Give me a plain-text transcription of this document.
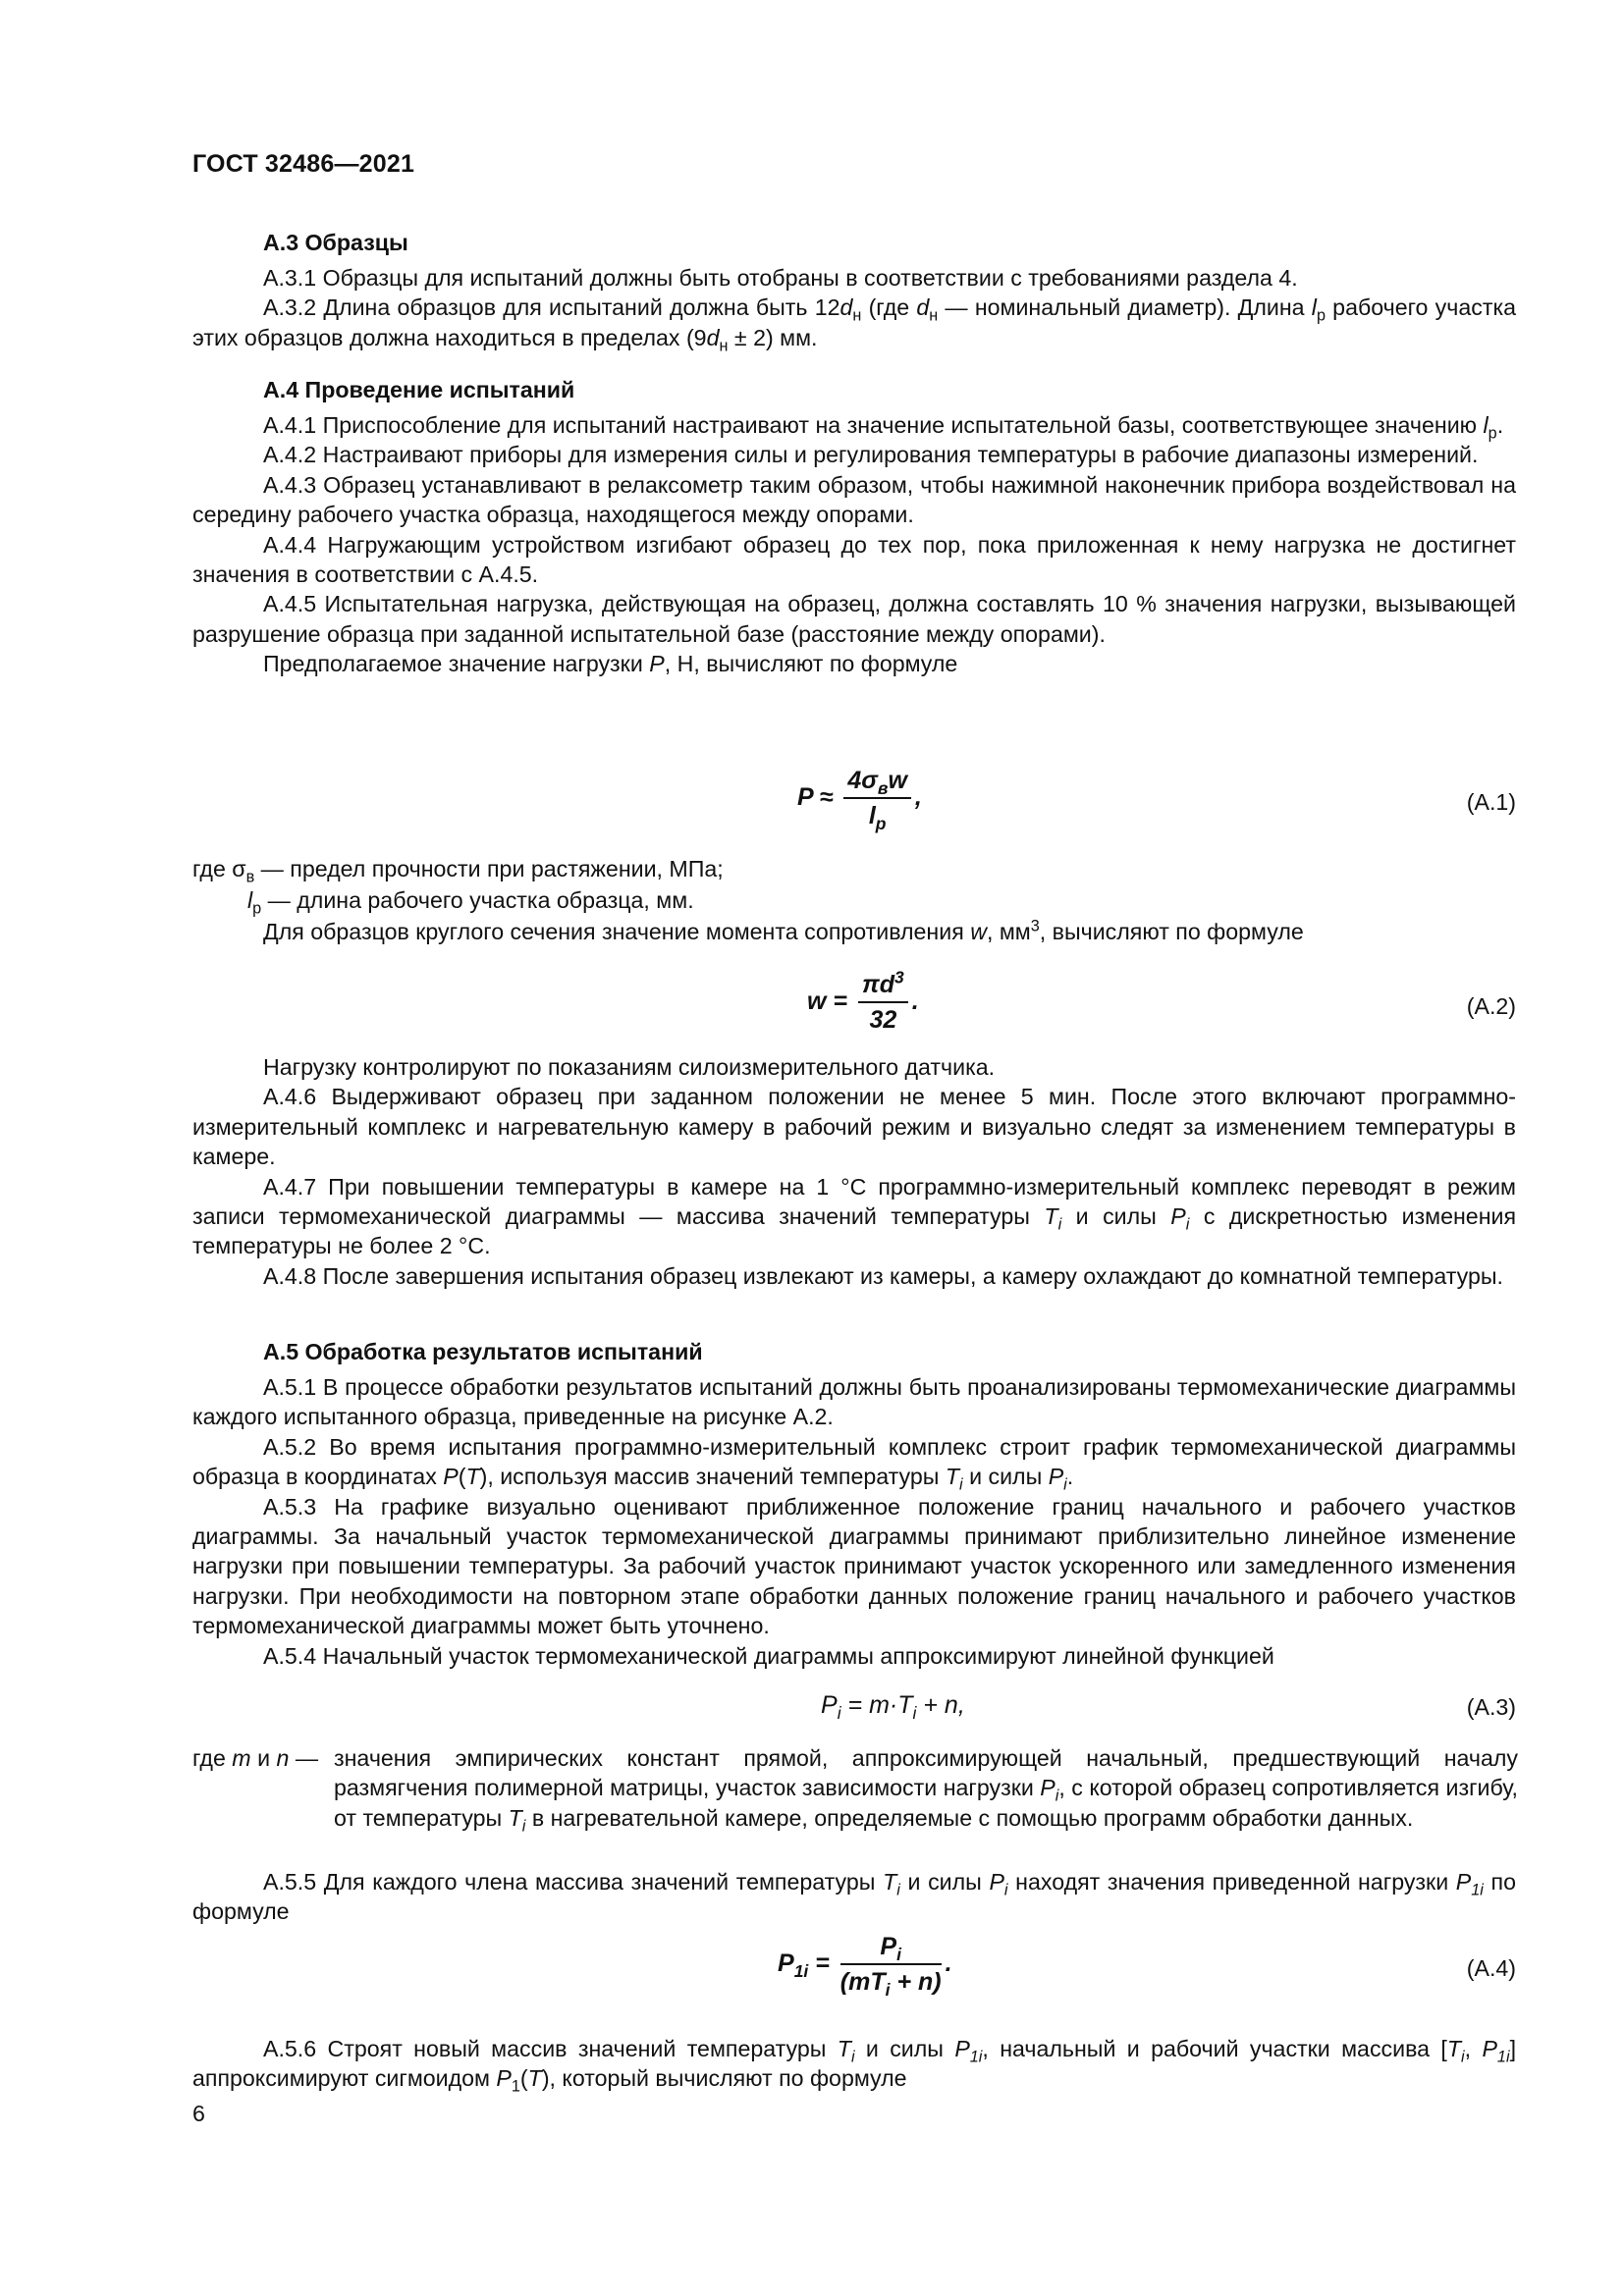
ГОСТ 32486—2021
А.3 Образцы

А.3.1 Образцы для испытаний должны быть отобраны в соответствии с требованиями раздела 4.

А.3.2 Длина образцов для испытаний должна быть $12d_н$ (где $d_н$ — номинальный диаметр). Длина $l_р$ рабочего участка этих образцов должна находиться в пределах $(9d_н \pm 2)$ мм.

А.4 Проведение испытаний

А.4.1 Приспособление для испытаний настраивают на значение испытательной базы, соответствующее значению $l_р$.

А.4.2 Настраивают приборы для измерения силы и регулирования температуры в рабочие диапазоны измерений.

А.4.3 Образец устанавливают в релаксометр таким образом, чтобы нажимной наконечник прибора воздействовал на середину рабочего участка образца, находящегося между опорами.

А.4.4 Нагружающим устройством изгибают образец до тех пор, пока приложенная к нему нагрузка не достигнет значения в соответствии с А.4.5.

А.4.5 Испытательная нагрузка, действующая на образец, должна составлять 10 % значения нагрузки, вызывающей разрушение образца при заданной испытательной базе (расстояние между опорами).

Предполагаемое значение нагрузки P, Н, вычисляют по формуле

$P \approx \frac{4\sigma_вw}{l_р}$ ,	(А.1)
где $\sigma_в$ — предел прочности при растяжении, МПа;
$l_р$ — длина рабочего участка образца, мм.

Для образцов круглого сечения значение момента сопротивления w, $мм^3$, вычисляют по формуле

$w = \frac{\pi d^3}{32}$ .	(А.2)

Нагрузку контролируют по показаниям силоизмерительного датчика.

А.4.6 Выдерживают образец при заданном положении не менее 5 мин. После этого включают программно-измерительный комплекс и нагревательную камеру в рабочий режим и визуально следят за изменением температуры в камере.

А.4.7 При повышении температуры в камере на 1 °С программно-измерительный комплекс переводят в режим записи термомеханической диаграммы — массива значений температуры $T_i$ и силы $P_i$ с дискретностью изменения температуры не более 2 °С.

А.4.8 После завершения испытания образец извлекают из камеры, а камеру охлаждают до комнатной температуры.

А.5 Обработка результатов испытаний

А.5.1 В процессе обработки результатов испытаний должны быть проанализированы термомеханические диаграммы каждого испытанного образца, приведенные на рисунке А.2.

А.5.2 Во время испытания программно-измерительный комплекс строит график термомеханической диаграммы образца в координатах P(T), используя массив значений температуры $T_i$ и силы $P_i$.

А.5.3 На графике визуально оценивают приближенное положение границ начального и рабочего участков диаграммы. За начальный участок термомеханической диаграммы принимают приблизительно линейное изменение нагрузки при повышении температуры. За рабочий участок принимают участок ускоренного или замедленного изменения нагрузки. При необходимости на повторном этапе обработки данных положение границ начального и рабочего участков термомеханической диаграммы может быть уточнено.

А.5.4 Начальный участок термомеханической диаграммы аппроксимируют линейной функцией

$P_i = m\cdot T_i + n$,	(А.3)
где m и n — значения эмпирических констант прямой, аппроксимирующей начальный, предшествующий началу размягчения полимерной матрицы, участок зависимости нагрузки $P_i$, с которой образец сопротивляется изгибу, от температуры $T_i$ в нагревательной камере, определяемые с помощью программ обработки данных.

А.5.5 Для каждого члена массива значений температуры $T_i$ и силы $P_i$ находят значения приведенной нагрузки $P_{1i}$ по формуле

$P_{1i} = \frac{P_i}{(mT_i + n)}$ .	(А.4)

А.5.6 Строят новый массив значений температуры $T_i$ и силы $P_{1i}$, начальный и рабочий участки массива [$T_i$, $P_{1i}$] аппроксимируют сигмоидом $P_1(T)$, который вычисляют по формуле

6
